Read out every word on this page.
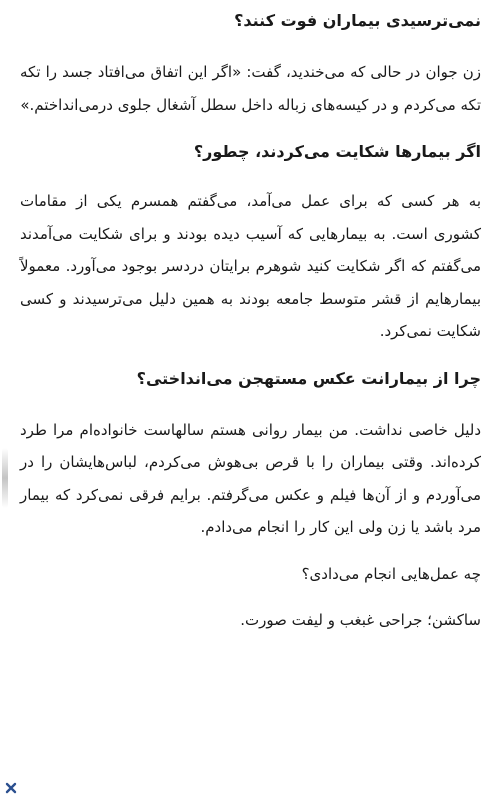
نمی‌ترسیدی بیماران فوت کنند؟

زن جوان در حالی که می‌خندید، گفت: «اگر این اتفاق می‌افتاد جسد را تکه تکه می‌کردم و در کیسه‌های زباله داخل سطل آشغال جلوی درمی‌انداختم.»

اگر بیمارها شکایت می‌کردند، چطور؟

به هر کسی که برای عمل می‌آمد، می‌گفتم همسرم یکی از مقامات کشوری است. به بیمارهایی که آسیب دیده بودند و برای شکایت می‌آمدند می‌گفتم که اگر شکایت کنید شوهرم برایتان دردسر بوجود می‌آورد. معمولاً بیمارهایم از قشر متوسط جامعه بودند به همین دلیل می‌ترسیدند و کسی شکایت نمی‌کرد.

چرا از بیمارانت عکس مستهجن می‌انداختی؟

دلیل خاصی نداشت. من بیمار روانی هستم سالهاست خانواده‌ام مرا طرد کرده‌اند. وقتی بیماران را با قرص بی‌هوش می‌کردم، لباس‌هایشان را در می‌آوردم و از آن‌ها فیلم و عکس می‌گرفتم. برایم فرقی نمی‌کرد که بیمار مرد باشد یا زن ولی این کار را انجام می‌دادم.

چه عمل‌هایی انجام می‌دادی؟

ساکشن؛ جراحی غبغب و لیفت صورت.
